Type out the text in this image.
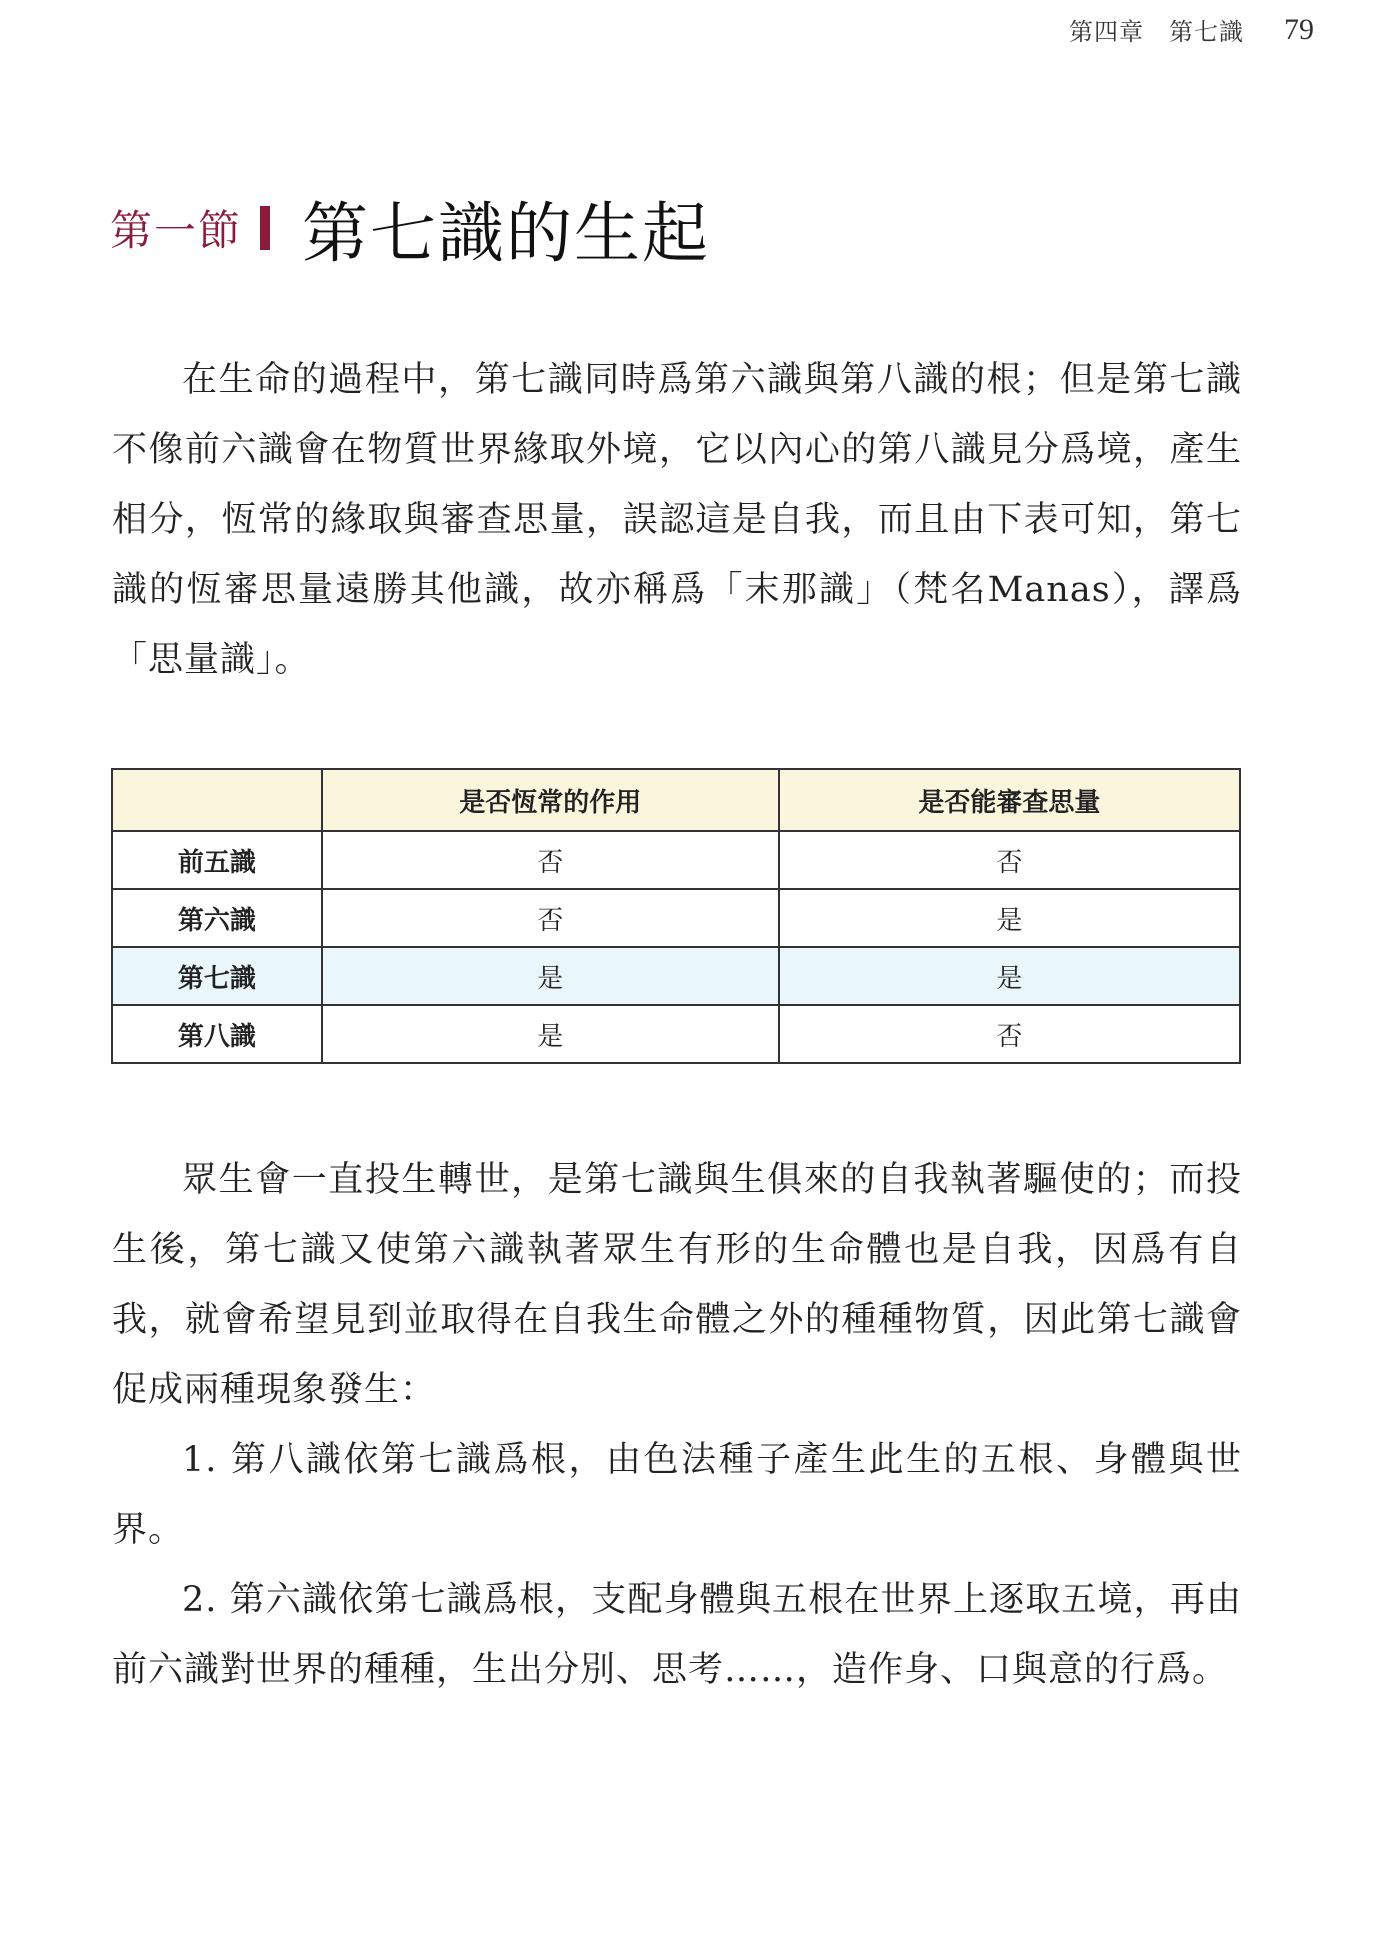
第四章　第七識 79
第一節 第七識的生起

在生命的過程中，第七識同時爲第六識與第八識的根；但是第七識不像前六識會在物質世界緣取外境，它以內心的第八識見分爲境，產生相分，恆常的緣取與審查思量，誤認這是自我，而且由下表可知，第七識的恆審思量遠勝其他識，故亦稱爲「末那識」（梵名Manas），譯爲「思量識」。

	是否恆常的作用	是否能審查思量
前五識	否	否
第六識	否	是
第七識	是	是
第八識	是	否

眾生會一直投生轉世，是第七識與生俱來的自我執著驅使的；而投生後，第七識又使第六識執著眾生有形的生命體也是自我，因爲有自我，就會希望見到並取得在自我生命體之外的種種物質，因此第七識會促成兩種現象發生：

1. 第八識依第七識爲根，由色法種子產生此生的五根、身體與世界。

2. 第六識依第七識爲根，支配身體與五根在世界上逐取五境，再由前六識對世界的種種，生出分別、思考……，造作身、口與意的行爲。
